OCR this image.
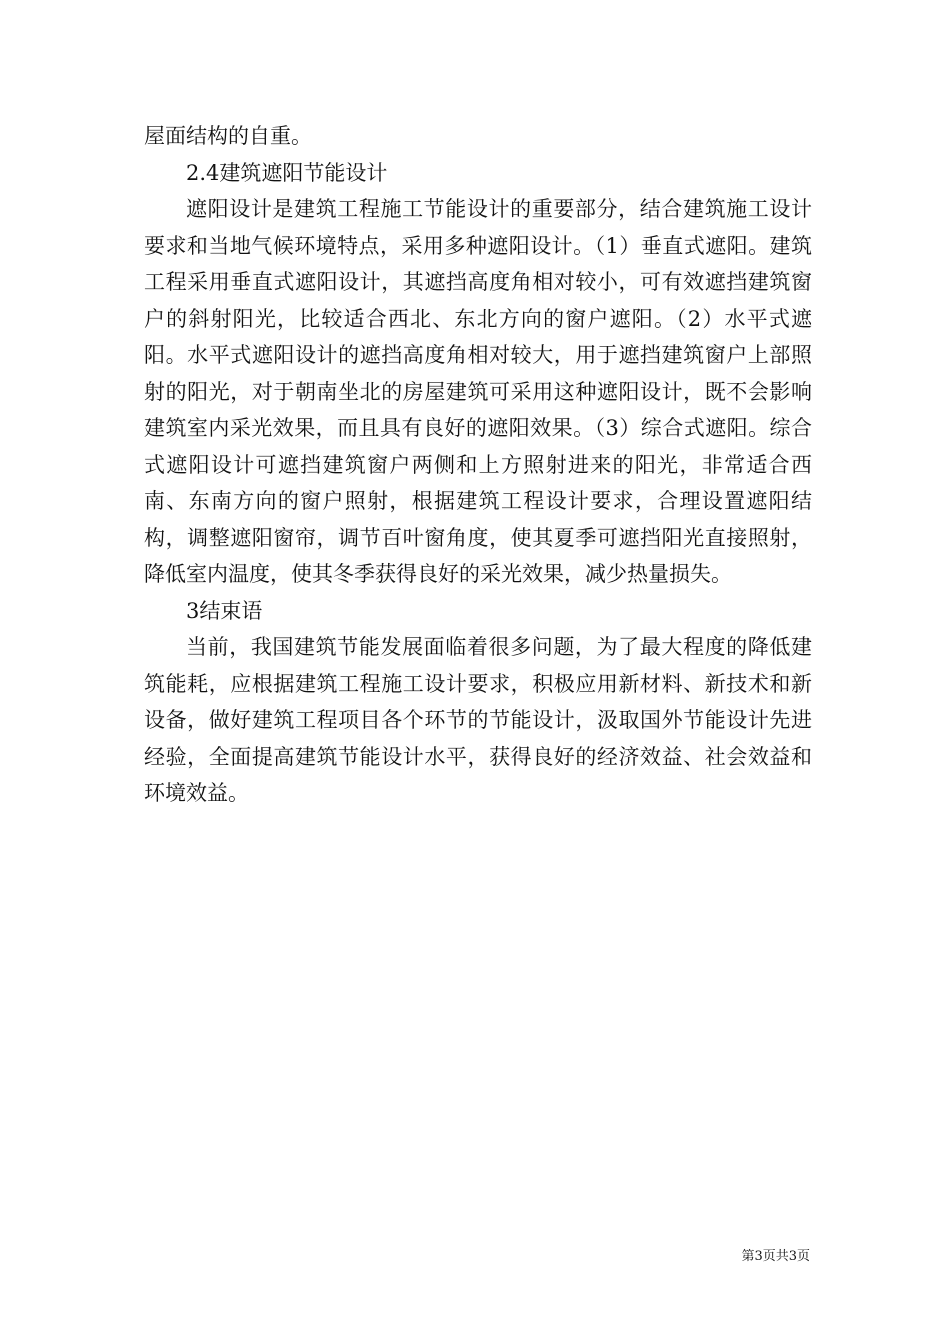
屋面结构的自重。

2.4建筑遮阳节能设计

遮阳设计是建筑工程施工节能设计的重要部分，结合建筑施工设计要求和当地气候环境特点，采用多种遮阳设计。（1）垂直式遮阳。建筑工程采用垂直式遮阳设计，其遮挡高度角相对较小，可有效遮挡建筑窗户的斜射阳光，比较适合西北、东北方向的窗户遮阳。（2）水平式遮阳。水平式遮阳设计的遮挡高度角相对较大，用于遮挡建筑窗户上部照射的阳光，对于朝南坐北的房屋建筑可采用这种遮阳设计，既不会影响建筑室内采光效果，而且具有良好的遮阳效果。（3）综合式遮阳。综合式遮阳设计可遮挡建筑窗户两侧和上方照射进来的阳光，非常适合西南、东南方向的窗户照射，根据建筑工程设计要求，合理设置遮阳结构，调整遮阳窗帘，调节百叶窗角度，使其夏季可遮挡阳光直接照射，降低室内温度，使其冬季获得良好的采光效果，减少热量损失。

3结束语

当前，我国建筑节能发展面临着很多问题，为了最大程度的降低建筑能耗，应根据建筑工程施工设计要求，积极应用新材料、新技术和新设备，做好建筑工程项目各个环节的节能设计，汲取国外节能设计先进经验，全面提高建筑节能设计水平，获得良好的经济效益、社会效益和环境效益。

第3页共3页
